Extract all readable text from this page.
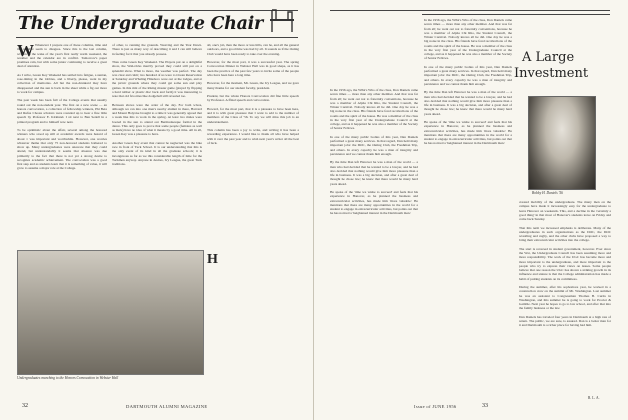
The Undergraduate Chair
W Whenever I prepare one of these columns, time and the weather seem to disagree. Since this is the last column, written in the wake of the year's first really warm weekend, the weather and the calendar are in conflict. Tomorrow's paper promises rain, but with some junior continuing to receive a great deal of attention.

As I write, Green Key Weekend has settled into fatigue, a suntan, rose-tinting in the lobbies, and a liberty, please, went in my collection of memories. All but the non-drunkard may have disappeared and the sun is back in the sheet while a fig out more to work for campus.

The past week has been full of the College events that usually round out the non-student year. The first on a new scene — an honors convocation, a collection of fellowship winners, Phi Beta and Rufus Choate scholars were rounded up to hear a fine little speech by Professor E. Kirkland. I sit next to Ben Sedell in a printed program and to himself now next.

To be optimistic about the affair, several among the honored winners who stood up still at academic awards were hazard of about 1 was important and worthwhile. However, one worries whatever theme that only 75 non-honored students bothered to show up. Many undergraduates were unaware that they could attend, but understandably it seems that absence was due primarily to the fact that there is not yet a strong desire to recognize academic achievement. The convocation was a good first step and as students learn that it is something of value, it will grow to assume a major role at the College.
of other, to running the grounds. Weaving and the Year Dawn. There is just as many way of describing it and I can still believe in feeling for it that you already possess.

Thus come Green Key Weekend. The Players put on a delightful show, the Wah-Ocks merrily proved they could still put on a splendid show. What is more, the weather was perfect. The day was clear and calm; two hundred of us were to Ocean Reservation at Saturday and Whaling Hinsboro were out at the lodges, and at the picnic grounds where they could get some sun and play games. In this mix of the Rising master game (played by flipping a hard rubber or plastic disc back and forth) it was interesting to note that old favorites like dodgeball still revealed too.

Between shows were the order of the day. For both wives, although we ran into one men's nearby alumni in there, Harvard and Mount Holyoke brought to a time it was generally agreed that a week like this to work in the spring. At least two males were booted in the sun to attend our Bermudaesque formal in the dance. This only goes to prove that some people (females as well as male) have no idea of what it means by a good time. All in all, Green Key was a pleasure to have.

Another Green Key event that cannot be neglected was the bike race in front of Tuck School. It is our understanding that this is the only event of its kind in all the graduate schools; it is incongruous as far as we this considerable length of time for the Tuckmen anyway. Anyone in desires, Ivy League, the great Tuck traditions.
H
all, one's job, then the more or less hills, can be, and all the general outdoors, and a good time was had by all. It sounds as if the Outing Club would have been ready to take over the evening.

However, for the most part, it was a successful year. The spring Convocation Dinner in Webster Hall was in good shape, as it has been the practice of the past few years to invite some of the people who have been here a long time.

However, for the moment, Mr. Green, the Ivy League, and we gave many thanks for our student faculty, president.

Prudent, but the whole Honors Convocation did fine little speech by Professor. A ffinal speech and convocation.

Howard, for the most part, that it is a pleasure to have been here, and it is with great pleasure that I want to add to the number of members of the Class of '56. To say we will miss this job is an understatement.

This column has been a joy to write, and writing it has been a rewarding experience. I would like to thank all who have helped with it over the past year and to wish next year's writer all the best of luck.
Undergraduates marching to the Honors Convocation in Webster Hall
32	DARTMOUTH ALUMNI MAGAZINE
A Large
Investment
In the 1956 ago, the WPA's Who of the class, Don Daniels came seven times — more than any other member. And that was far from all; he went out not to fraternity conventions, because he was a member of Alpha Chi Rho, the Student Council, the Winter Carnival. Nobody knows all he did. One day he was a big noise in the class. His friends have fond recollections of the rooms and the spirit of the house. He was a member of the class in the very first year of the Undergraduate Council at the college, and as it happened he was also a member of the Society of Senior Fellows.

In one of the many public bodies of this year, Dan Daniels performed a great many services. In that regard, Dan held many important jobs: the DOC, the Outing Club, the Freshman Trip, and others. In every capacity he was a man of integrity and persistence and we cannot thank him enough.

By the time Dan left Hanover he was a man of the world — a man who had decided that he wanted to be a lawyer, and he had also decided that nothing would give him more pleasure than a life in business. It was a big decision, and after a great deal of thought he chose law; he knew that there would be many hard years ahead.

He spoke of the 'time we wishe to succeed' and feels that his experience in Hanover, as he planned the business and extracurricular activities, has made him 'more valuable.' He mentions that there are many opportunities in the world for a student to engage in extracurricular activities, but points out that he has noticed a 'heightened interest in the Dartmouth man.'
In the 1956 ago, the WPA's Who of the class, Don Daniels came seven times — more than any other member. And that was far from all; he went out not to fraternity conventions, because he was a member of Alpha Chi Rho, the Student Council, the Winter Carnival. Nobody knows all he did. One day he was a big noise in the class. His friends have fond recollections of the rooms and the spirit of the house. He was a member of the class in the very first year of the Undergraduate Council at the college, and as it happened he was also a member of the Society of Senior Fellows.

In one of the many public bodies of this year, Dan Daniels performed a great many services. In that regard, Dan held many important jobs: the DOC, the Outing Club, the Freshman Trip, and others. In every capacity he was a man of integrity and persistence and we cannot thank him enough.

By the time Dan left Hanover he was a man of the world — a man who had decided that he wanted to be a lawyer, and he had also decided that nothing would give him more pleasure than a life in business. It was a big decision, and after a great deal of thought he chose law; he knew that there would be many hard years ahead.

He spoke of the 'time we wishe to succeed' and feels that his experience in Hanover, as he planned the business and extracurricular activities, has made him 'more valuable.' He mentions that there are many opportunities in the world for a student to engage in extracurricular activities, but points out that he has noticed a 'heightened interest in the Dartmouth man.'
Bobby H. Daniels '56
created mobility of the undergraduate. The many men on the campus have made it increasingly easy for the undergraduate to leave Hanover on weekends. This, and a decline in the 'certainly a good thing' in that most of Hanover's students leave on Friday and come back Sunday.

That this term we increased emphasis is deliberate. Many of the undergraduates in such organizations as the DOC, the DOC wrestling and rugby, and the other clubs have proposed a way to bring their extracurricular activities into the college.

The start is reversed in student government, however. Ever since the War, the Undergraduate Council has been assuming more and more responsibility. The work of the UGC has become more and more important to the undergraduate, and more important to the people who try to express their views on issues. Some people believe that one reason the UGC has shown a striking growth in its influence and stature is that the College administration has made a habit of putting students on its committees.

During the summer, after his sophomore year, he worked in a construction crew on the summit of Mt. Washington. Last summer he was an assistant to Congressman Thomas B. Curtis in Washington, and this summer he is going to work for Procter & Gamble. Next year he hopes to go to law school, and after that into the family business or the law.

Dan Daniels has traveled four years in Dartmouth at a high rate of return. The public, we are sure, is assured. Dan is a better man for it and Dartmouth is a richer place for having had him.
R. L. A.
Issue of JUNE 1956	33
